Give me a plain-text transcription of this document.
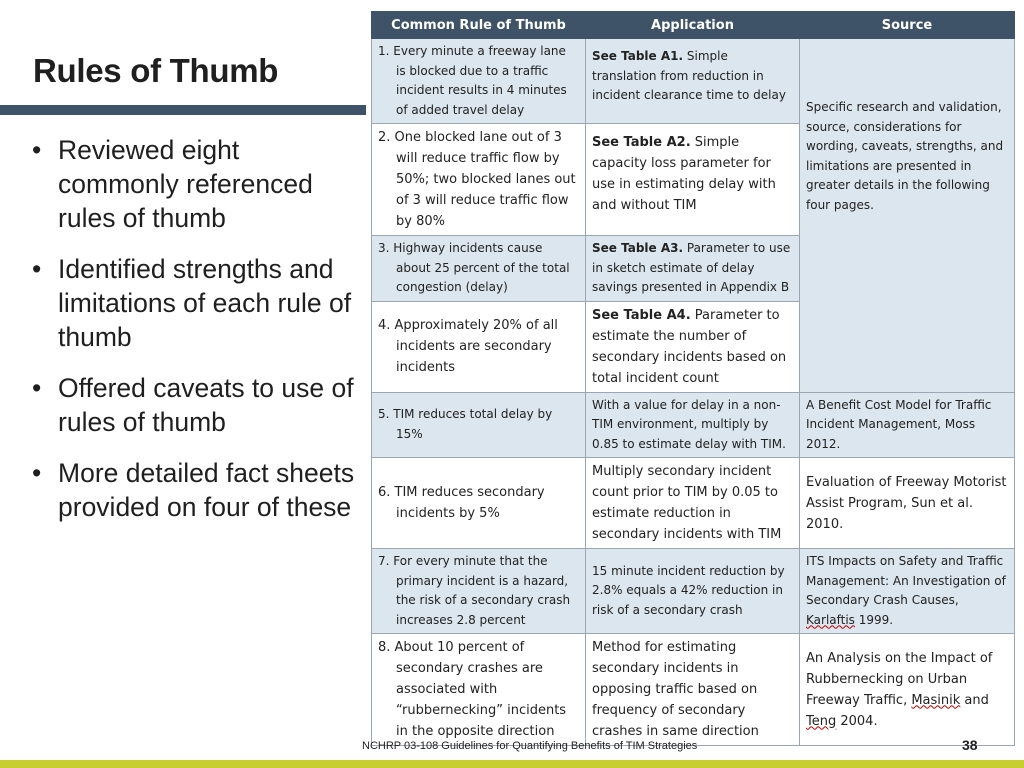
Rules of Thumb
• Reviewed eight commonly referenced rules of thumb
• Identified strengths and limitations of each rule of thumb
• Offered caveats to use of rules of thumb
• More detailed fact sheets provided on four of these
Common Rule of Thumb	Application	Source

1. Every minute a freeway lane is blocked due to a traffic incident results in 4 minutes of added travel delay	See Table A1. Simple translation from reduction in incident clearance time to delay	Specific research and validation, source, considerations for wording, caveats, strengths, and limitations are presented in greater details in the following four pages.

2. One blocked lane out of 3 will reduce traffic flow by 50%; two blocked lanes out of 3 will reduce traffic flow by 80%	See Table A2. Simple capacity loss parameter for use in estimating delay with and without TIM	

3. Highway incidents cause about 25 percent of the total congestion (delay)	See Table A3. Parameter to use in sketch estimate of delay savings presented in Appendix B	

4. Approximately 20% of all incidents are secondary incidents	See Table A4. Parameter to estimate the number of secondary incidents based on total incident count	

5. TIM reduces total delay by 15%	With a value for delay in a non-TIM environment, multiply by 0.85 to estimate delay with TIM.	A Benefit Cost Model for Traffic Incident Management, Moss 2012.

6. TIM reduces secondary incidents by 5%	Multiply secondary incident count prior to TIM by 0.05 to estimate reduction in secondary incidents with TIM	Evaluation of Freeway Motorist Assist Program, Sun et al. 2010.

7. For every minute that the primary incident is a hazard, the risk of a secondary crash increases 2.8 percent	15 minute incident reduction by 2.8% equals a 42% reduction in risk of a secondary crash	ITS Impacts on Safety and Traffic Management: An Investigation of Secondary Crash Causes, Karlaftis 1999.

8. About 10 percent of secondary crashes are associated with “rubbernecking” incidents in the opposite direction	Method for estimating secondary incidents in opposing traffic based on frequency of secondary crashes in same direction	An Analysis on the Impact of Rubbernecking on Urban Freeway Traffic, Masinik and Teng 2004.
NCHRP 03-108 Guidelines for Quantifying Benefits of TIM Strategies	38
